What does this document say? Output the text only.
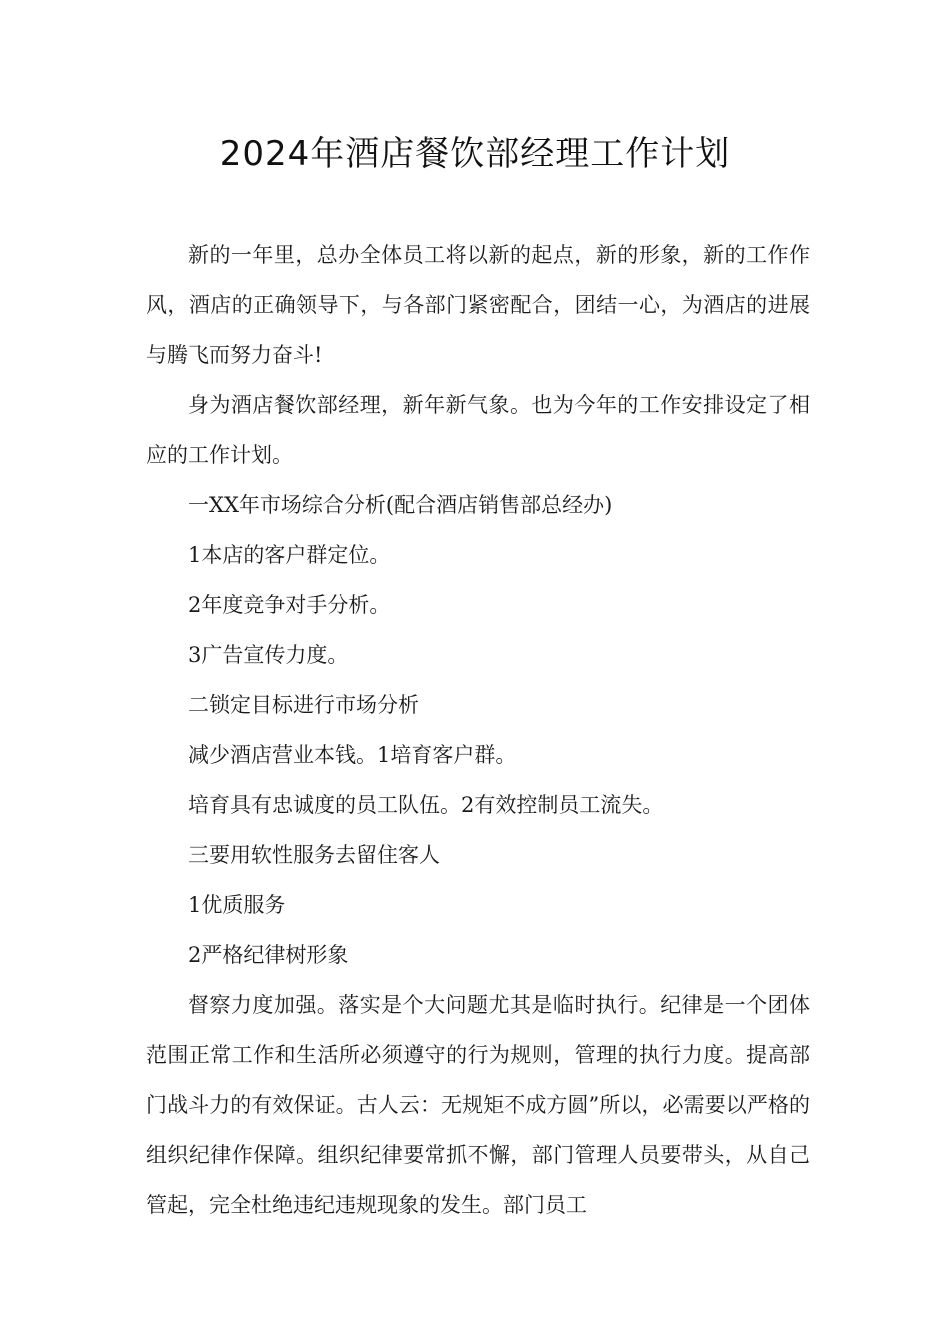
2024年酒店餐饮部经理工作计划

新的一年里，总办全体员工将以新的起点，新的形象，新的工作作风，酒店的正确领导下，与各部门紧密配合，团结一心，为酒店的进展与腾飞而努力奋斗!

身为酒店餐饮部经理，新年新气象。也为今年的工作安排设定了相应的工作计划。

一XX年市场综合分析(配合酒店销售部总经办)

1本店的客户群定位。

2年度竞争对手分析。

3广告宣传力度。

二锁定目标进行市场分析

减少酒店营业本钱。1培育客户群。

培育具有忠诚度的员工队伍。2有效控制员工流失。

三要用软性服务去留住客人

1优质服务

2严格纪律树形象

督察力度加强。落实是个大问题尤其是临时执行。纪律是一个团体范围正常工作和生活所必须遵守的行为规则，管理的执行力度。提高部门战斗力的有效保证。古人云：无规矩不成方圆”所以，必需要以严格的组织纪律作保障。组织纪律要常抓不懈，部门管理人员要带头，从自己管起，完全杜绝违纪违规现象的发生。部门员工
